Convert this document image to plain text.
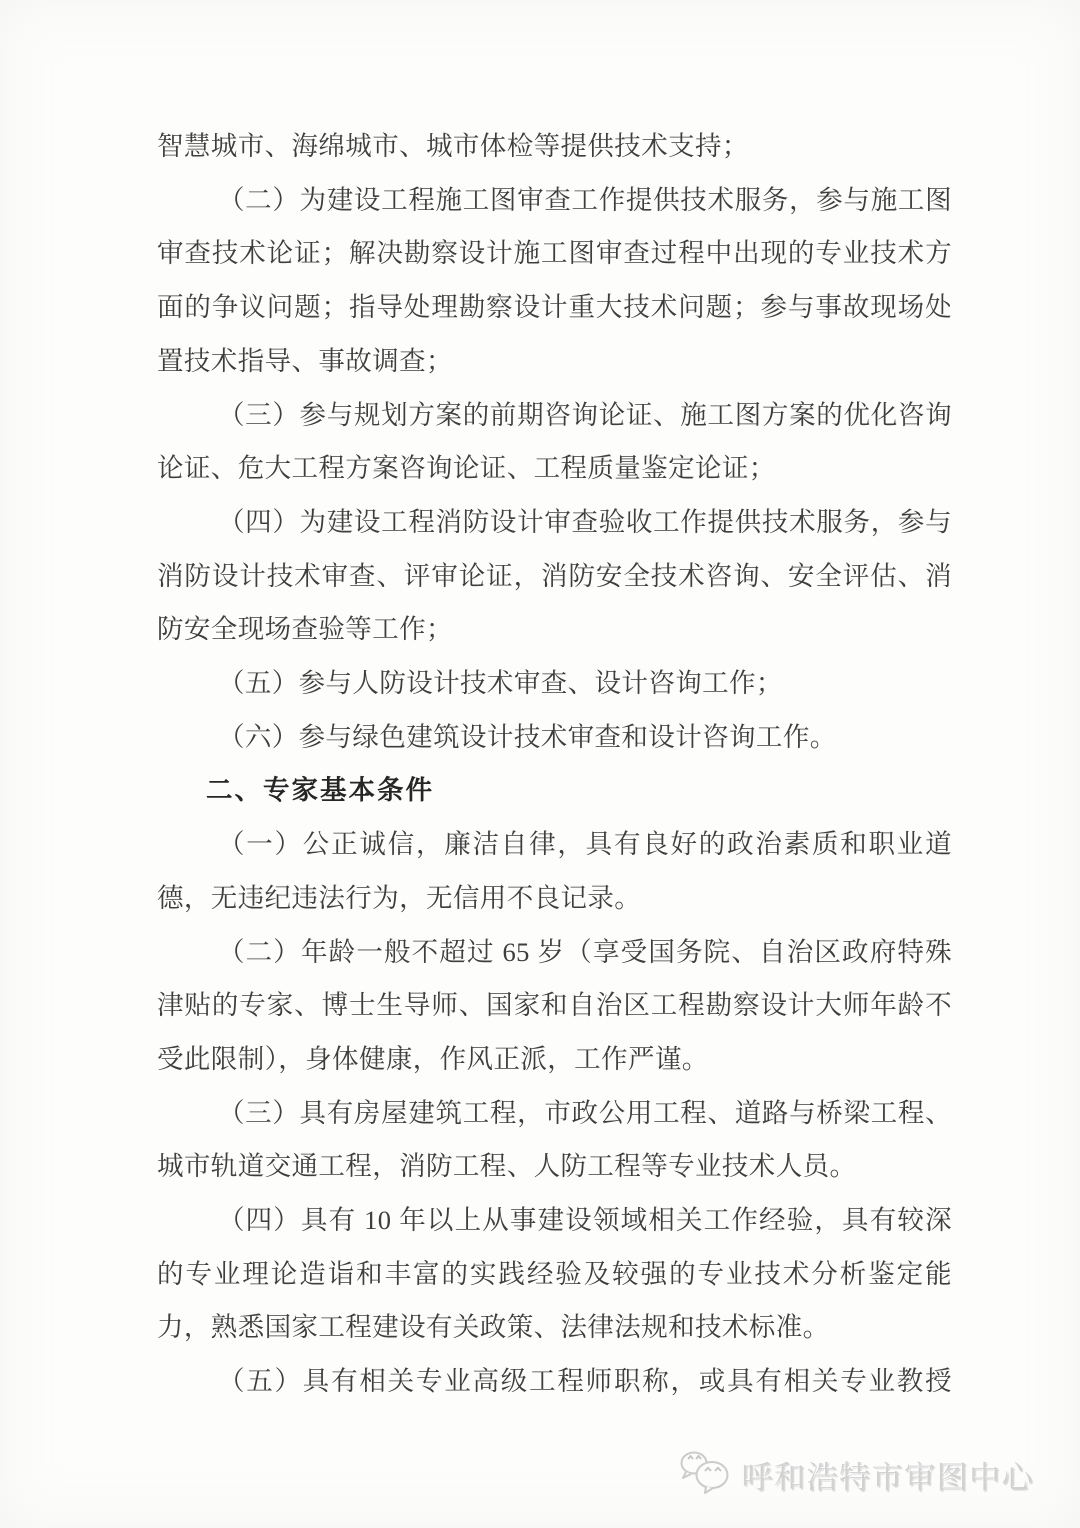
智慧城市、海绵城市、城市体检等提供技术支持；

（二）为建设工程施工图审查工作提供技术服务，参与施工图审查技术论证；解决勘察设计施工图审查过程中出现的专业技术方面的争议问题；指导处理勘察设计重大技术问题；参与事故现场处置技术指导、事故调查；

（三）参与规划方案的前期咨询论证、施工图方案的优化咨询论证、危大工程方案咨询论证、工程质量鉴定论证；

（四）为建设工程消防设计审查验收工作提供技术服务，参与消防设计技术审查、评审论证，消防安全技术咨询、安全评估、消防安全现场查验等工作；

（五）参与人防设计技术审查、设计咨询工作；

（六）参与绿色建筑设计技术审查和设计咨询工作。

二、专家基本条件

（一）公正诚信，廉洁自律，具有良好的政治素质和职业道德，无违纪违法行为，无信用不良记录。

（二）年龄一般不超过 65 岁（享受国务院、自治区政府特殊津贴的专家、博士生导师、国家和自治区工程勘察设计大师年龄不受此限制），身体健康，作风正派，工作严谨。

（三）具有房屋建筑工程，市政公用工程、道路与桥梁工程、城市轨道交通工程，消防工程、人防工程等专业技术人员。

（四）具有 10 年以上从事建设领域相关工作经验，具有较深的专业理论造诣和丰富的实践经验及较强的专业技术分析鉴定能力，熟悉国家工程建设有关政策、法律法规和技术标准。

（五）具有相关专业高级工程师职称，或具有相关专业教授

呼和浩特市审图中心
